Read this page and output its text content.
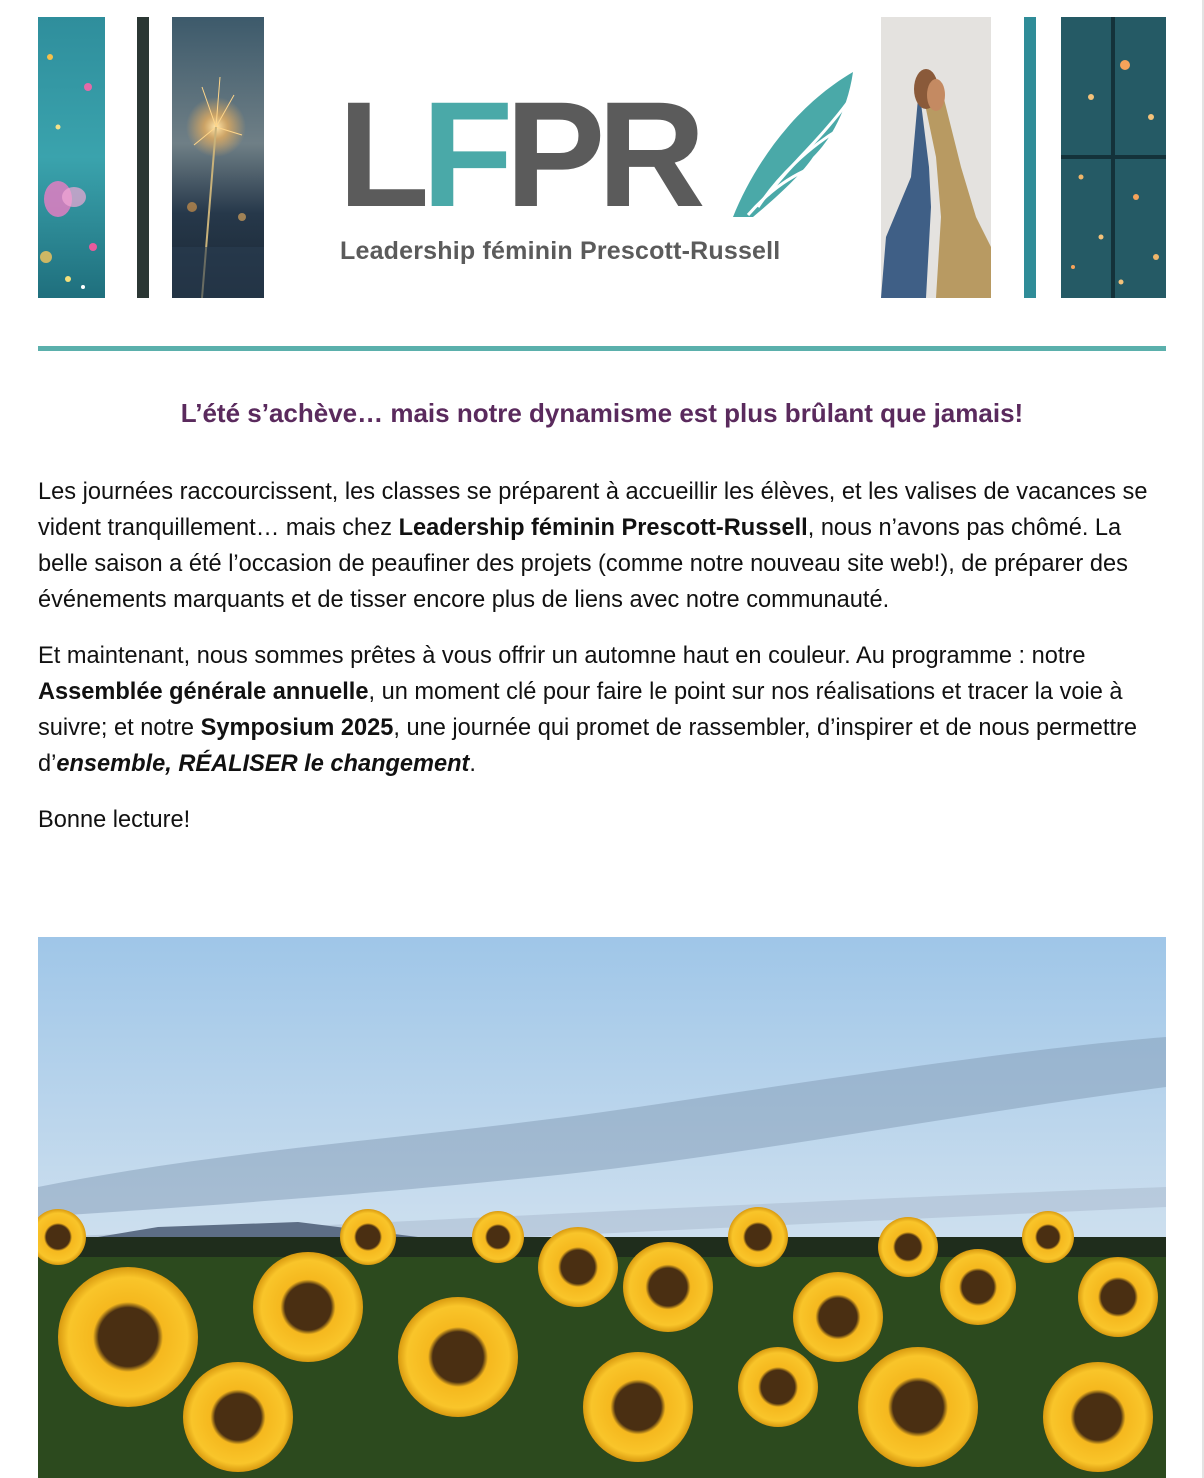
LFPR
Leadership féminin Prescott-Russell
L’été s’achève… mais notre dynamisme est plus brûlant que jamais!

Les journées raccourcissent, les classes se préparent à accueillir les élèves, et les valises de vacances se vident tranquillement… mais chez Leadership féminin Prescott-Russell, nous n’avons pas chômé. La belle saison a été l’occasion de peaufiner des projets (comme notre nouveau site web!), de préparer des événements marquants et de tisser encore plus de liens avec notre communauté.

Et maintenant, nous sommes prêtes à vous offrir un automne haut en couleur. Au programme : notre Assemblée générale annuelle, un moment clé pour faire le point sur nos réalisations et tracer la voie à suivre; et notre Symposium 2025, une journée qui promet de rassembler, d’inspirer et de nous permettre d’ensemble, RÉALISER le changement.

Bonne lecture!
